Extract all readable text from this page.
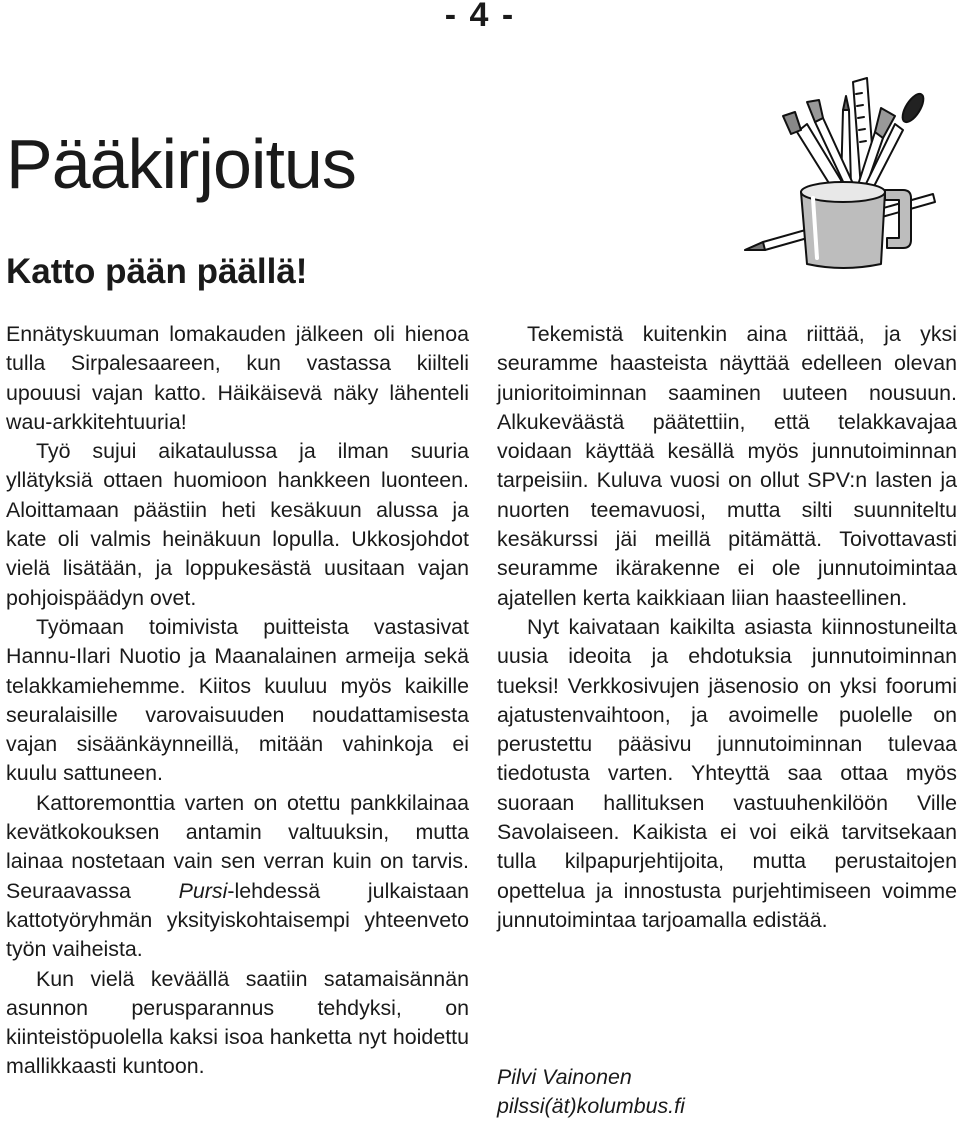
- 4 -
Pääkirjoitus
Katto pään päällä!

Ennätyskuuman lomakauden jälkeen oli hienoa tulla Sirpalesaareen, kun vastassa kiilteli upouusi vajan katto. Häikäisevä näky lähenteli wau-arkkitehtuuria!

Työ sujui aikataulussa ja ilman suuria yllätyksiä ottaen huomioon hankkeen luonteen. Aloittamaan päästiin heti kesäkuun alussa ja kate oli valmis heinäkuun lopulla. Ukkosjohdot vielä lisätään, ja loppukesästä uusitaan vajan pohjoispäädyn ovet.

Työmaan toimivista puitteista vastasivat Hannu-Ilari Nuotio ja Maanalainen armeija sekä telakkamiehemme. Kiitos kuuluu myös kaikille seuralaisille varovaisuuden noudattamisesta vajan sisäänkäynneillä, mitään vahinkoja ei kuulu sattuneen.

Kattoremonttia varten on otettu pankkilainaa kevätkokouksen antamin valtuuksin, mutta lainaa nostetaan vain sen verran kuin on tarvis. Seuraavassa Pursi-lehdessä julkaistaan kattotyöryhmän yksityiskohtaisempi yhteenveto työn vaiheista.

Kun vielä keväällä saatiin satamaisännän asunnon perusparannus tehdyksi, on kiinteistöpuolella kaksi isoa hanketta nyt hoidettu mallikkaasti kuntoon.

Tekemistä kuitenkin aina riittää, ja yksi seuramme haasteista näyttää edelleen olevan junioritoiminnan saaminen uuteen nousuun. Alkukeväästä päätettiin, että telakkavajaa voidaan käyttää kesällä myös junnutoiminnan tarpeisiin. Kuluva vuosi on ollut SPV:n lasten ja nuorten teemavuosi, mutta silti suunniteltu kesäkurssi jäi meillä pitämättä. Toivottavasti seuramme ikärakenne ei ole junnutoimintaa ajatellen kerta kaikkiaan liian haasteellinen.

Nyt kaivataan kaikilta asiasta kiinnostuneilta uusia ideoita ja ehdotuksia junnutoiminnan tueksi! Verkkosivujen jäsenosio on yksi foorumi ajatustenvaihtoon, ja avoimelle puolelle on perustettu pääsivu junnutoiminnan tulevaa tiedotusta varten. Yhteyttä saa ottaa myös suoraan hallituksen vastuuhenkilöön Ville Savolaiseen. Kaikista ei voi eikä tarvitsekaan tulla kilpapurjehtijoita, mutta perustaitojen opettelua ja innostusta purjehtimiseen voimme junnutoimintaa tarjoamalla edistää.

Pilvi Vainonen
pilssi(ät)kolumbus.fi
